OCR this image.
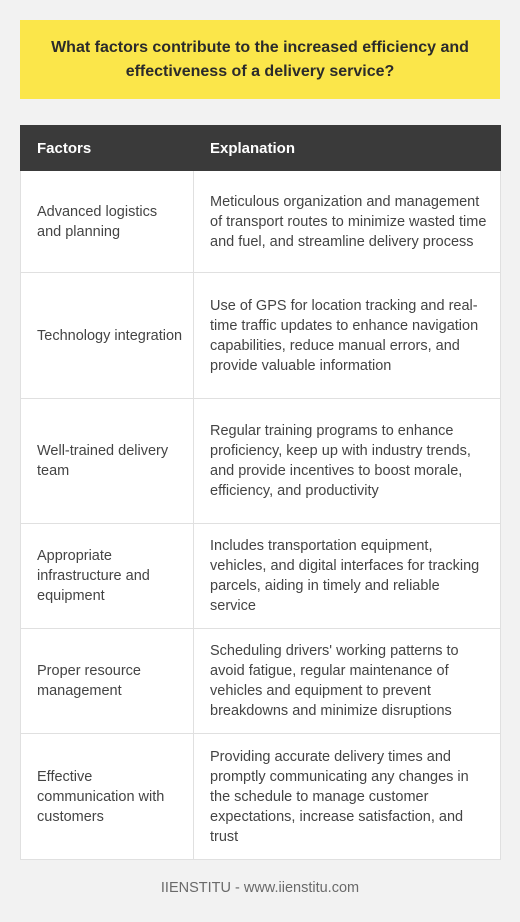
What factors contribute to the increased efficiency and effectiveness of a delivery service?
Factors	Explanation
Advanced logistics and planning	Meticulous organization and management of transport routes to minimize wasted time and fuel, and streamline delivery process
Technology integration	Use of GPS for location tracking and real-time traffic updates to enhance navigation capabilities, reduce manual errors, and provide valuable information
Well-trained delivery team	Regular training programs to enhance proficiency, keep up with industry trends, and provide incentives to boost morale, efficiency, and productivity
Appropriate infrastructure and equipment	Includes transportation equipment, vehicles, and digital interfaces for tracking parcels, aiding in timely and reliable service
Proper resource management	Scheduling drivers' working patterns to avoid fatigue, regular maintenance of vehicles and equipment to prevent breakdowns and minimize disruptions
Effective communication with customers	Providing accurate delivery times and promptly communicating any changes in the schedule to manage customer expectations, increase satisfaction, and trust
IIENSTITU - www.iienstitu.com
